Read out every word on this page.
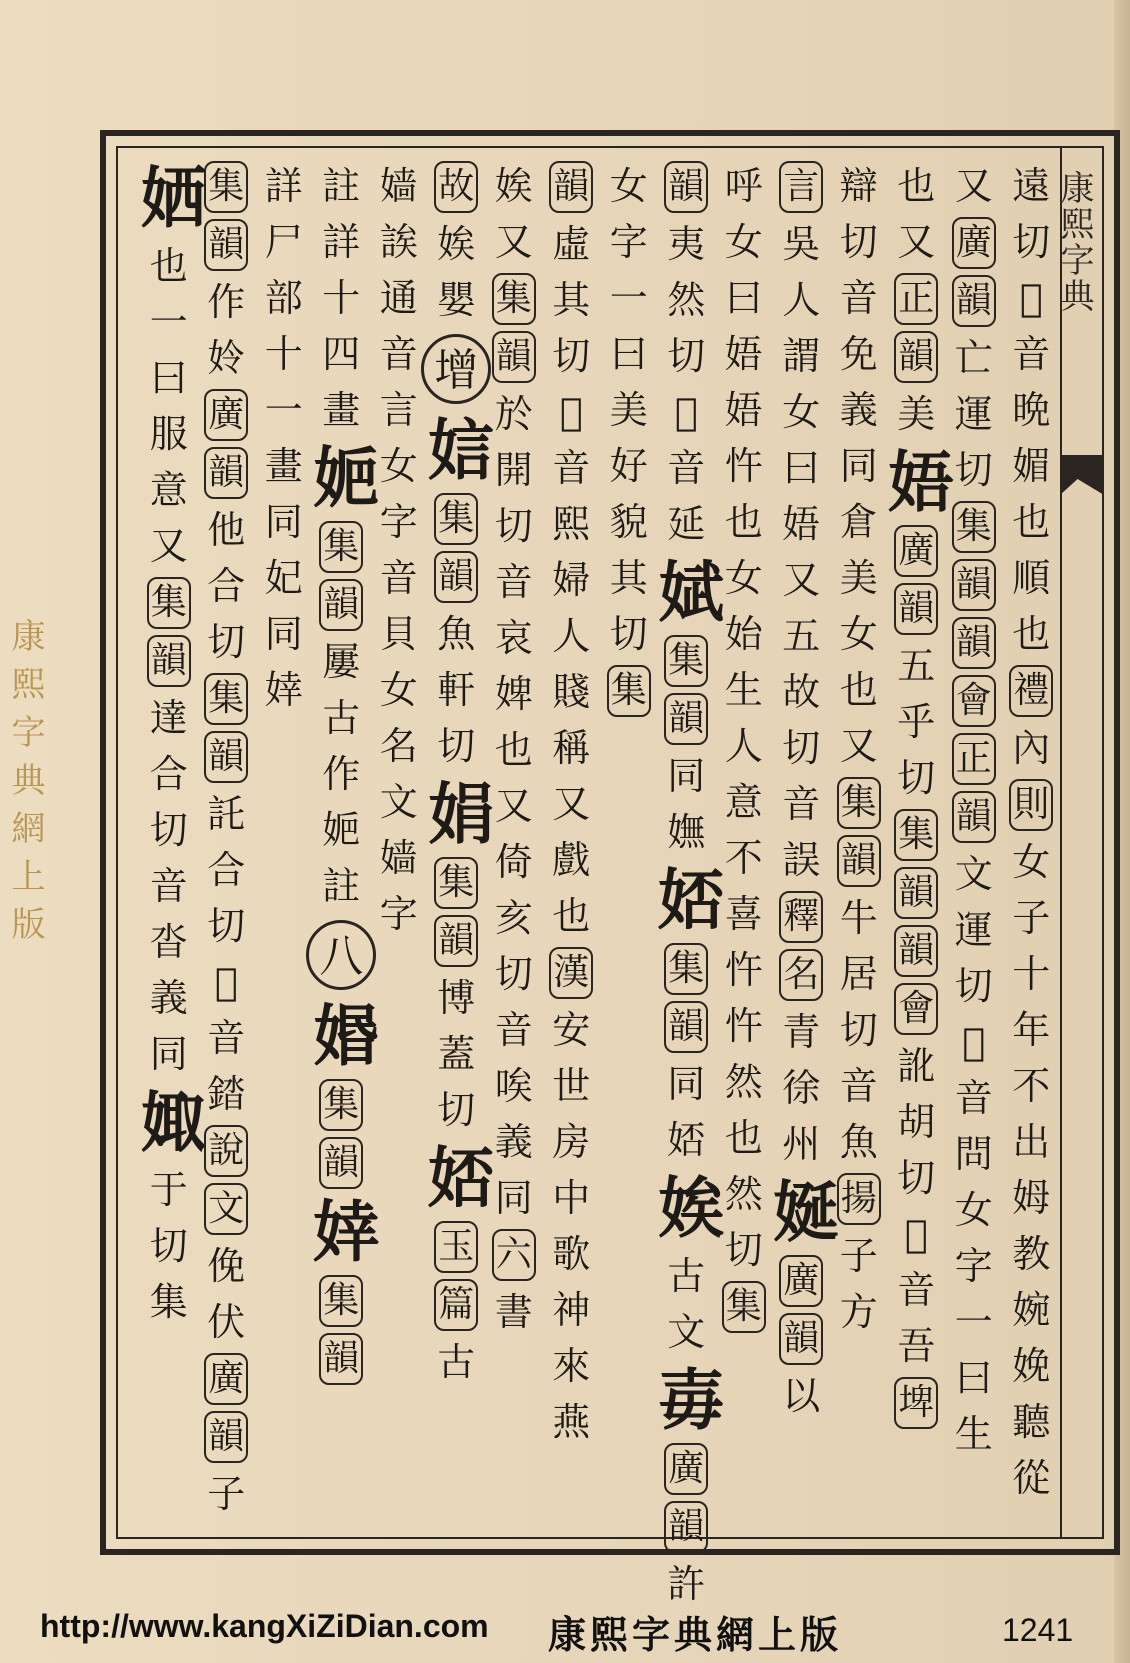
康熙字典
遠
切
𡘜
音
晩
媚
也
順
也
禮
內
則
女
子
十
年
不
出
姆
教
婉
娩
聽
從
又
廣
韻
亡
運
切
集
韻
韻
會
正
韻
文
運
切
𡘜
音
問
女
字
一
曰
生
也
又
正
韻
美
娪
廣
韻
五
乎
切
集
韻
韻
會
訛
胡
切
𡘜
音
吾
埤
辯
切
音
免
義
同
倉
美
女
也
又
集
韻
牛
居
切
音
魚
揚
子
方
言
吳
人
謂
女
曰
娪
又
五
故
切
音
誤
釋
名
青
徐
州
娫
廣
韻
以
呼
女
曰
娪
娪
忤
也
女
始
生
人
意
不
喜
忤
忤
然
也
然
切
集
韻
夷
然
切
𡘜
音
延
娬
集
韻
同
嫵
娝
集
韻
同
娝
娭
古
文
毐
廣
韻
許
女
字
一
曰
美
好
貌
其
切
集
韻
虛
其
切
𡘜
音
熙
婦
人
賤
稱
又
戲
也
漢
安
世
房
中
歌
神
來
燕
娭
又
集
韻
於
開
切
音
哀
婢
也
又
倚
亥
切
音
唉
義
同
六
書
故
娭
嬰
增
娮
集
韻
魚
軒
切
娟
集
韻
博
蓋
切
娝
玉
篇
古
嫱
誒
通
音
言
女
字
音
貝
女
名
文
嫱
字
註
詳
十
四
畫
㛂
集
韻
屢
古
作
㛂
註
八
㛰
集
韻
婞
集
韻
詳
尸
部
十
一
畫
同
妃
同
婞
集
韻
作
姈
廣
韻
他
合
切
集
韻
託
合
切
𡘜
音
錔
說
文
俛
伏
廣
韻
子
㛉
也
一
曰
服
意
又
集
韻
達
合
切
音
沓
義
同
娵
于
切
集
康熙字典網上版
http://www.kangXiZiDian.com 康熙字典網上版	1241
